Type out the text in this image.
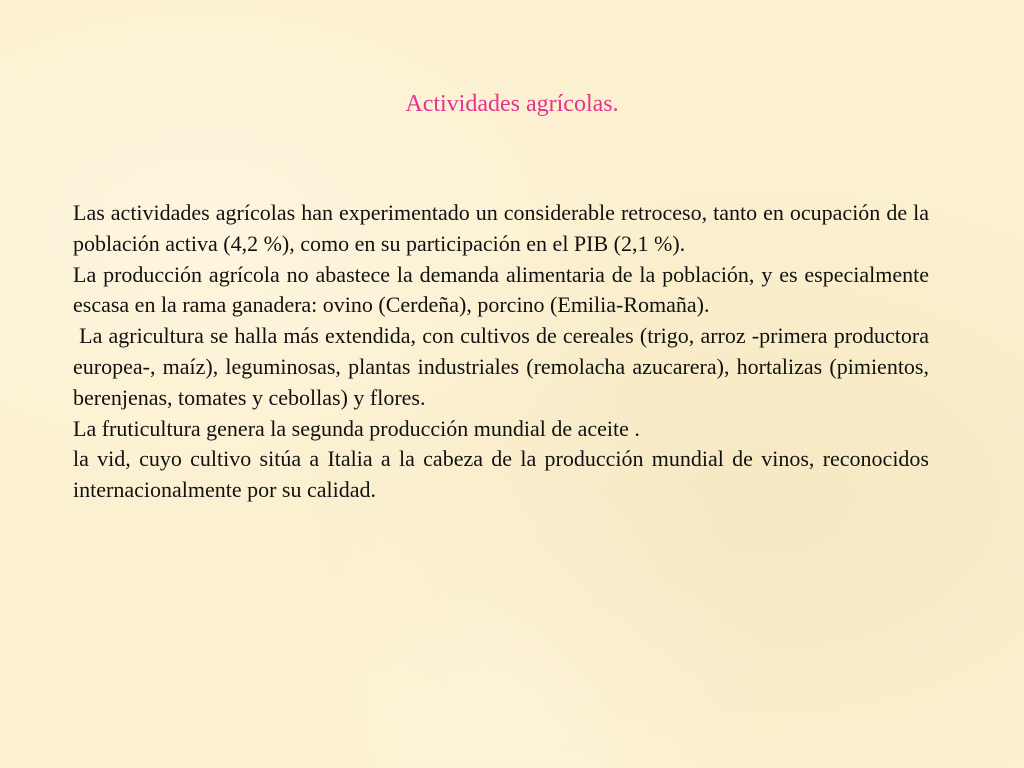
Actividades agrícolas.

Las actividades agrícolas han experimentado un considerable retroceso, tanto en ocupación de la población activa (4,2 %), como en su participación en el PIB (2,1 %).

La producción agrícola no abastece la demanda alimentaria de la población, y es especialmente escasa en la rama ganadera: ovino (Cerdeña), porcino (Emilia-Romaña).

La agricultura se halla más extendida, con cultivos de cereales (trigo, arroz -primera productora europea-, maíz), leguminosas, plantas industriales (remolacha azucarera), hortalizas (pimientos, berenjenas, tomates y cebollas) y flores.

La fruticultura genera la segunda producción mundial de aceite .

la vid, cuyo cultivo sitúa a Italia a la cabeza de la producción mundial de vinos, reconocidos internacionalmente por su calidad.
